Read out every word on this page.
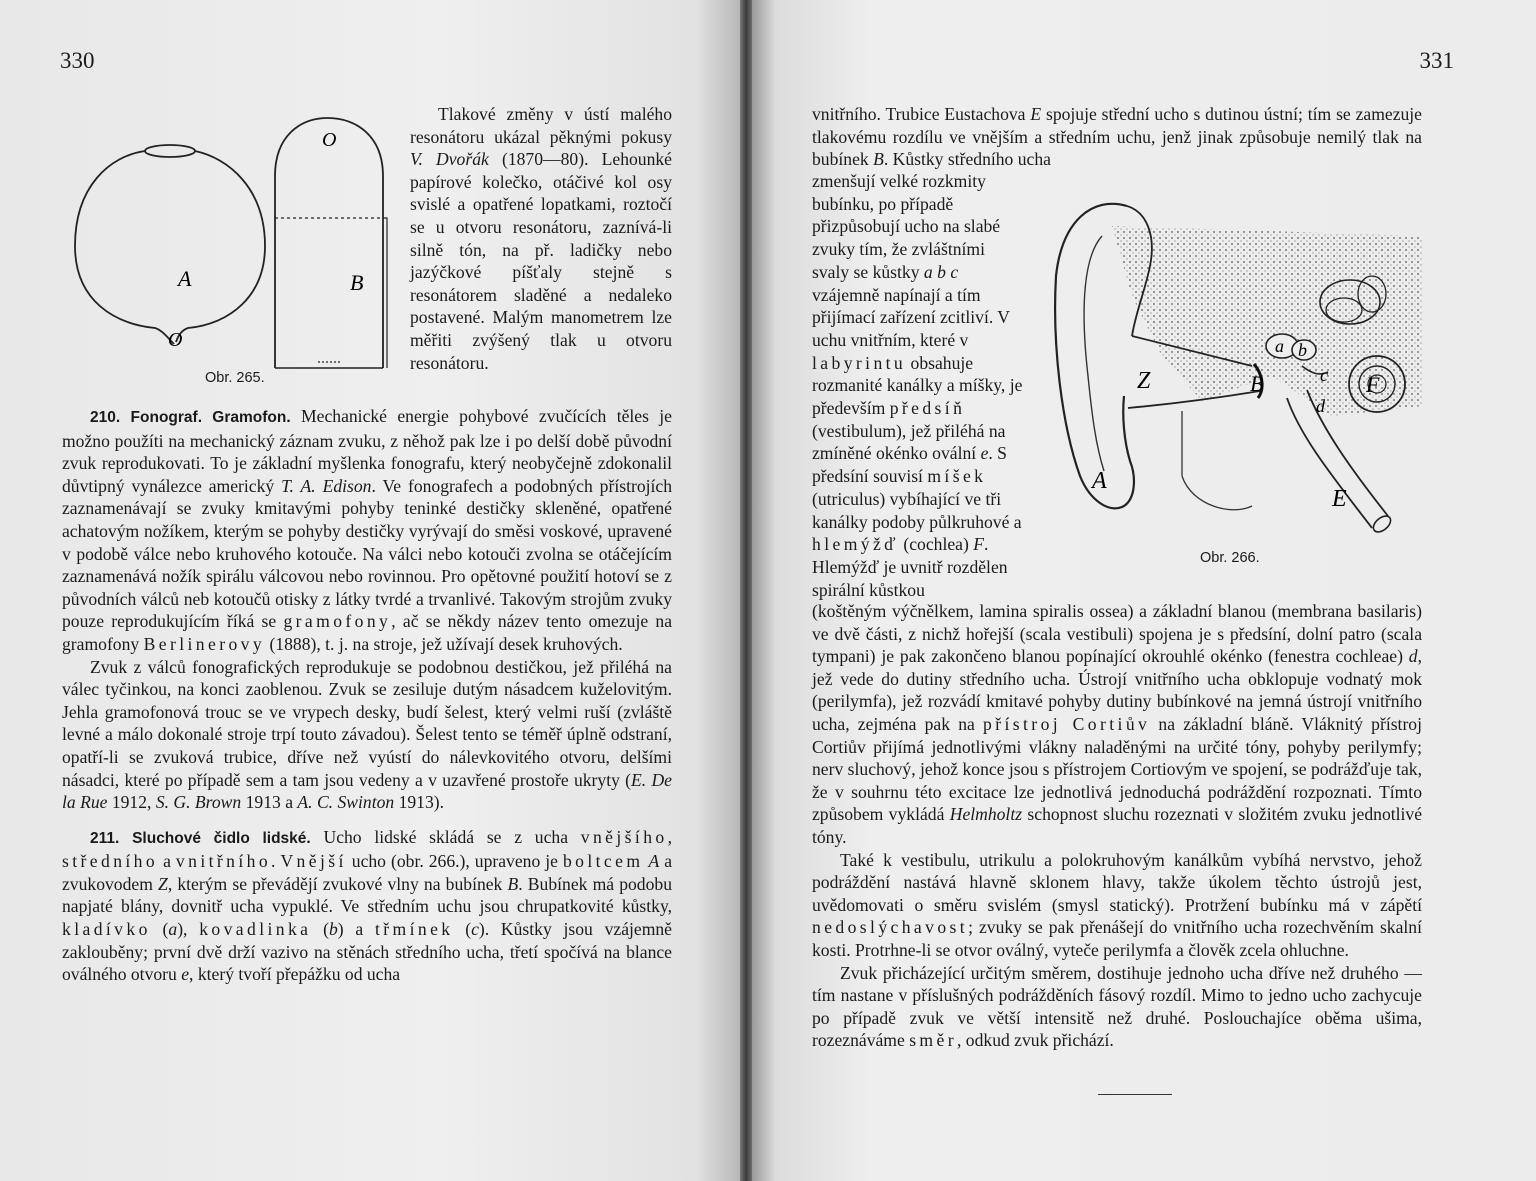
330
A
O
O
B
Obr. 265.

Tlakové změny v ústí malého resonátoru ukázal pěknými pokusy V. Dvořák (1870—80). Lehounké papírové kolečko, otáčivé kol osy svislé a opatřené lopatkami, roztočí se u otvoru resonátoru, zaznívá-li silně tón, na př. ladičky nebo jazýčkové píšťaly stejně s resonátorem sladěné a nedaleko postavené. Malým manometrem lze měřiti zvýšený tlak u otvoru resonátoru.

210. Fonograf. Gramofon. Mechanické energie pohybové zvučících těles je možno použíti na mechanický záznam zvuku, z něhož pak lze i po delší době původní zvuk reprodukovati. To je základní myšlenka fonografu, který neobyčejně zdokonalil důvtipný vynálezce americký T. A. Edison. Ve fonografech a podobných přístrojích zaznamenávají se zvuky kmitavými pohyby teninké destičky skleněné, opatřené achatovým nožíkem, kterým se pohyby destičky vyrývají do směsi voskové, upravené v podobě válce nebo kruhového kotouče. Na válci nebo kotouči zvolna se otáčejícím zaznamenává nožík spirálu válcovou nebo rovinnou. Pro opětovné použití hotoví se z původních válců neb kotoučů otisky z látky tvrdé a trvanlivé. Takovým strojům zvuky pouze reprodukujícím říká se gramofony, ač se někdy název tento omezuje na gramofony Berlinerovy (1888), t. j. na stroje, jež užívají desek kruhových.

Zvuk z válců fonografických reprodukuje se podobnou destičkou, jež přiléhá na válec tyčinkou, na konci zaoblenou. Zvuk se zesiluje dutým násadcem kuželovitým. Jehla gramofonová trouc se ve vrypech desky, budí šelest, který velmi ruší (zvláště levné a málo dokonalé stroje trpí touto závadou). Šelest tento se téměř úplně odstraní, opatří-li se zvuková trubice, dříve než vyústí do nálevkovitého otvoru, delšími násadci, které po případě sem a tam jsou vedeny a v uzavřené prostoře ukryty (E. De la Rue 1912, S. G. Brown 1913 a A. C. Swinton 1913).

211. Sluchové čidlo lidské. Ucho lidské skládá se z ucha vnějšího, středního a vnitřního. Vnější ucho (obr. 266.), upraveno je boltcem A a zvukovodem Z, kterým se převádějí zvukové vlny na bubínek B. Bubínek má podobu napjaté blány, dovnitř ucha vypuklé. Ve středním uchu jsou chrupatkovité kůstky, kladívko (a), kovadlinka (b) a třmínek (c). Kůstky jsou vzájemně zaklouběny; první dvě drží vazivo na stěnách středního ucha, třetí spočívá na blance oválného otvoru e, který tvoří přepážku od ucha

331

vnitřního. Trubice Eustachova E spojuje střední ucho s dutinou ústní; tím se zamezuje tlakovému rozdílu ve vnějším a středním uchu, jenž jinak způsobuje nemilý tlak na bubínek B. Kůstky středního ucha

zmenšují velké rozkmity bubínku, po případě přizpůsobují ucho na slabé zvuky tím, že zvláštními svaly se kůstky a b c vzájemně napínají a tím přijímací zařízení zcitliví. V uchu vnitřním, které v labyrintu obsahuje rozmanité kanálky a míšky, je především předsíň (vestibulum), jež přiléhá na zmíněné okénko ovální e. S předsíní souvisí míšek (utriculus) vybíhající ve tři kanálky podoby půlkruhové a hlemýžď (cochlea) F. Hlemýžď je uvnitř rozdělen spirální kůstkou

Z
A
B
E
F
a b
c
d
Obr. 266.

(koštěným výčnělkem, lamina spiralis ossea) a základní blanou (membrana basilaris) ve dvě části, z nichž hořejší (scala vestibuli) spojena je s předsíní, dolní patro (scala tympani) je pak zakončeno blanou popínající okrouhlé okénko (fenestra cochleae) d, jež vede do dutiny středního ucha. Ústrojí vnitřního ucha obklopuje vodnatý mok (perilymfa), jež rozvádí kmitavé pohyby dutiny bubínkové na jemná ústrojí vnitřního ucha, zejména pak na přístroj Cortiův na základní bláně. Vláknitý přístroj Cortiův přijímá jednotlivými vlákny naladěnými na určité tóny, pohyby perilymfy; nerv sluchový, jehož konce jsou s přístrojem Cortiovým ve spojení, se podrážďuje tak, že v souhrnu této excitace lze jednotlivá jednoduchá podráždění rozpoznati. Tímto způsobem vykládá Helmholtz schopnost sluchu rozeznati v složitém zvuku jednotlivé tóny.

Také k vestibulu, utrikulu a polokruhovým kanálkům vybíhá nervstvo, jehož podráždění nastává hlavně sklonem hlavy, takže úkolem těchto ústrojů jest, uvědomovati o směru svislém (smysl statický). Protržení bubínku má v zápětí nedoslýchavost; zvuky se pak přenášejí do vnitřního ucha rozechvěním skalní kosti. Protrhne-li se otvor oválný, vyteče perilymfa a člověk zcela ohluchne.

Zvuk přicházející určitým směrem, dostihuje jednoho ucha dříve než druhého — tím nastane v příslušných podrážděních fásový rozdíl. Mimo to jedno ucho zachycuje po případě zvuk ve větší intensitě než druhé. Poslouchajíce oběma ušima, rozeznáváme směr, odkud zvuk přichází.
